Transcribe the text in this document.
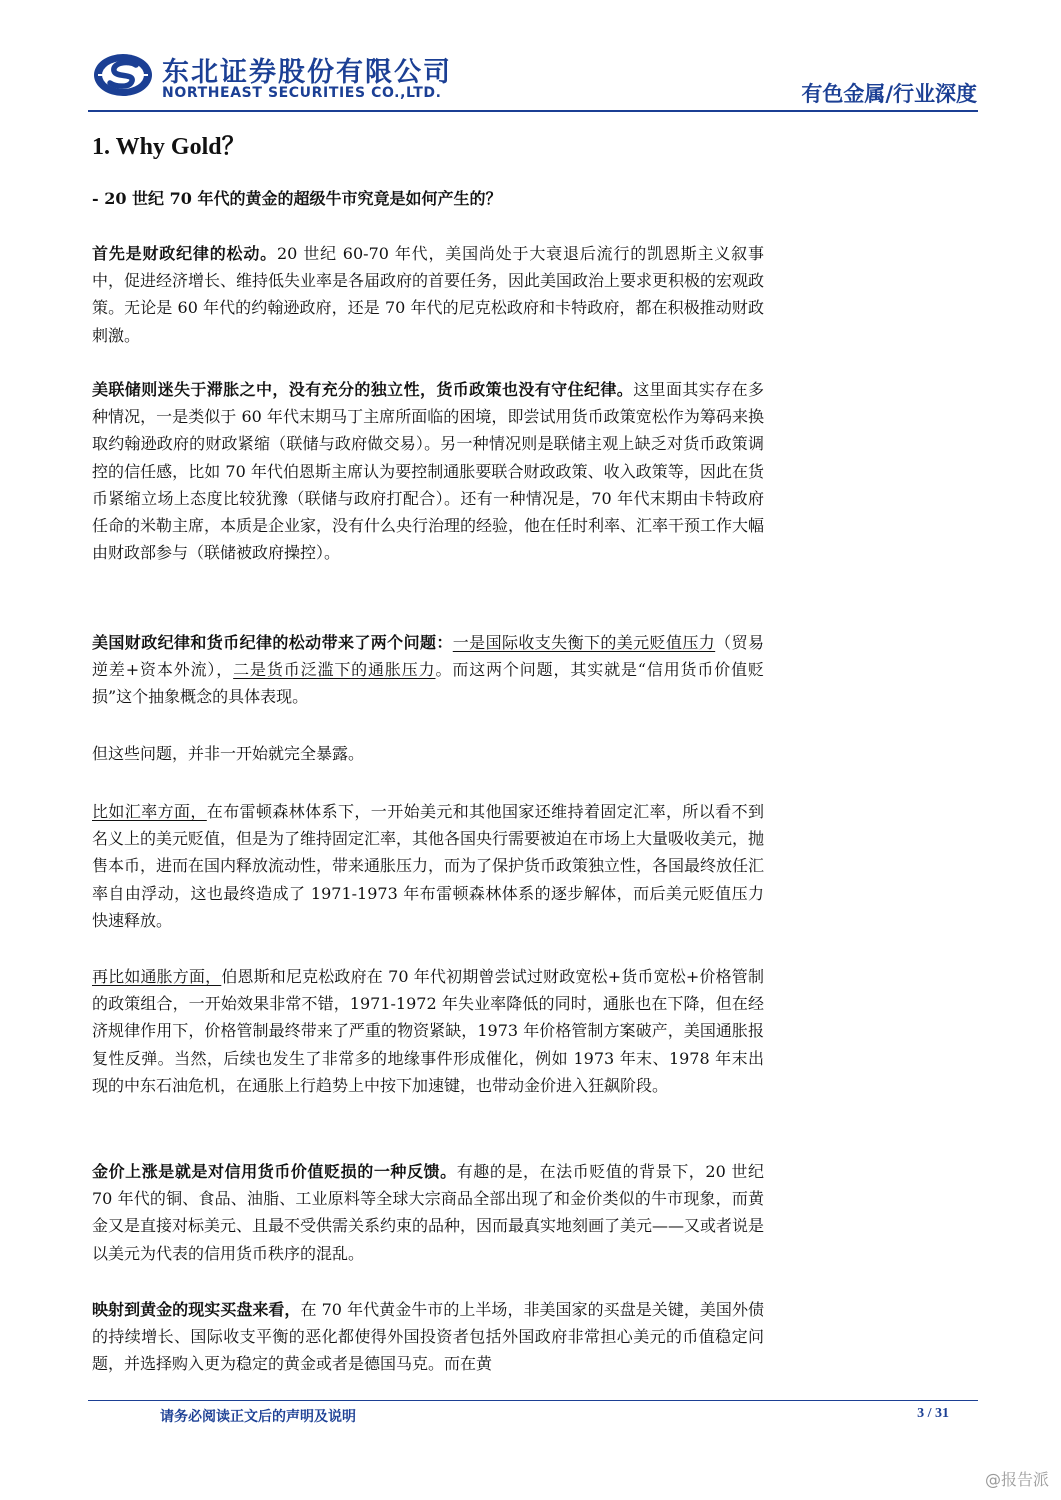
东北证券股份有限公司
NORTHEAST SECURITIES CO.,LTD.	有色金属/行业深度
1. Why Gold？
- 20 世纪 70 年代的黄金的超级牛市究竟是如何产生的？

首先是财政纪律的松动。20 世纪 60-70 年代，美国尚处于大衰退后流行的凯恩斯主义叙事中，促进经济增长、维持低失业率是各届政府的首要任务，因此美国政治上要求更积极的宏观政策。无论是 60 年代的约翰逊政府，还是 70 年代的尼克松政府和卡特政府，都在积极推动财政刺激。

美联储则迷失于滞胀之中，没有充分的独立性，货币政策也没有守住纪律。这里面其实存在多种情况，一是类似于 60 年代末期马丁主席所面临的困境，即尝试用货币政策宽松作为筹码来换取约翰逊政府的财政紧缩（联储与政府做交易）。另一种情况则是联储主观上缺乏对货币政策调控的信任感，比如 70 年代伯恩斯主席认为要控制通胀要联合财政政策、收入政策等，因此在货币紧缩立场上态度比较犹豫（联储与政府打配合）。还有一种情况是，70 年代末期由卡特政府任命的米勒主席，本质是企业家，没有什么央行治理的经验，他在任时利率、汇率干预工作大幅由财政部参与（联储被政府操控）。

美国财政纪律和货币纪律的松动带来了两个问题：一是国际收支失衡下的美元贬值压力（贸易逆差+资本外流），二是货币泛滥下的通胀压力。而这两个问题，其实就是“信用货币价值贬损”这个抽象概念的具体表现。

但这些问题，并非一开始就完全暴露。

比如汇率方面，在布雷顿森林体系下，一开始美元和其他国家还维持着固定汇率，所以看不到名义上的美元贬值，但是为了维持固定汇率，其他各国央行需要被迫在市场上大量吸收美元，抛售本币，进而在国内释放流动性，带来通胀压力，而为了保护货币政策独立性，各国最终放任汇率自由浮动，这也最终造成了 1971-1973 年布雷顿森林体系的逐步解体，而后美元贬值压力快速释放。

再比如通胀方面，伯恩斯和尼克松政府在 70 年代初期曾尝试过财政宽松+货币宽松+价格管制的政策组合，一开始效果非常不错，1971-1972 年失业率降低的同时，通胀也在下降，但在经济规律作用下，价格管制最终带来了严重的物资紧缺，1973 年价格管制方案破产，美国通胀报复性反弹。当然，后续也发生了非常多的地缘事件形成催化，例如 1973 年末、1978 年末出现的中东石油危机，在通胀上行趋势上中按下加速键，也带动金价进入狂飙阶段。

金价上涨是就是对信用货币价值贬损的一种反馈。有趣的是，在法币贬值的背景下，20 世纪 70 年代的铜、食品、油脂、工业原料等全球大宗商品全部出现了和金价类似的牛市现象，而黄金又是直接对标美元、且最不受供需关系约束的品种，因而最真实地刻画了美元——又或者说是以美元为代表的信用货币秩序的混乱。

映射到黄金的现实买盘来看，在 70 年代黄金牛市的上半场，非美国家的买盘是关键，美国外债的持续增长、国际收支平衡的恶化都使得外国投资者包括外国政府非常担心美元的币值稳定问题，并选择购入更为稳定的黄金或者是德国马克。而在黄

请务必阅读正文后的声明及说明	3 / 31
@报告派
